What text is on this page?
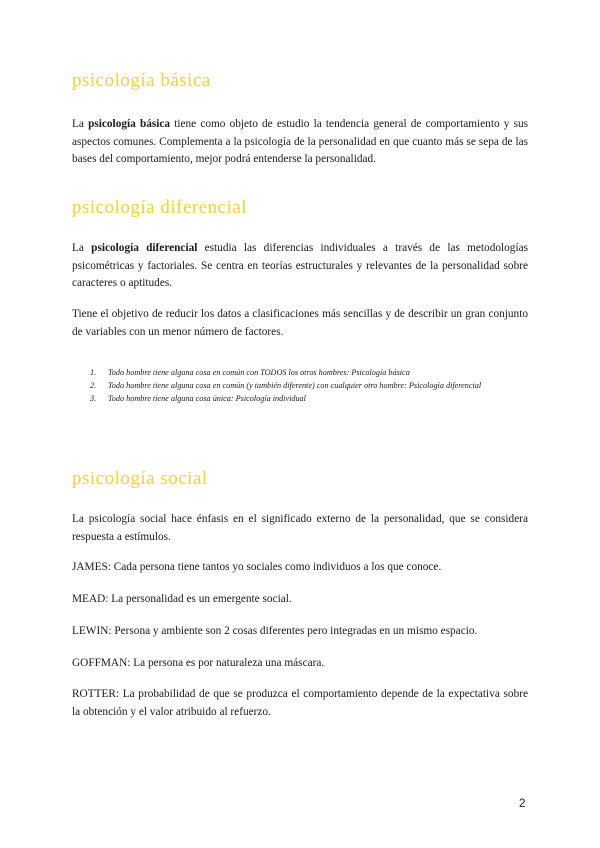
psicología básica

La psicología básica tiene como objeto de estudio la tendencia general de comportamiento y sus aspectos comunes. Complementa a la psicología de la personalidad en que cuanto más se sepa de las bases del comportamiento, mejor podrá entenderse la personalidad.

psicología diferencial

La psicología diferencial estudia las diferencias individuales a través de las metodologías psicométricas y factoriales. Se centra en teorías estructurales y relevantes de la personalidad sobre caracteres o aptitudes.

Tiene el objetivo de reducir los datos a clasificaciones más sencillas y de describir un gran conjunto de variables con un menor número de factores.

1. Todo hombre tiene alguna cosa en común con TODOS los otros hombres: Psicología básica
2. Todo hombre tiene alguna cosa en común (y también diferente) con cualquier otro hombre: Psicología diferencial
3. Todo hombre tiene alguna cosa única: Psicología individual
psicología social

La psicología social hace énfasis en el significado externo de la personalidad, que se considera respuesta a estímulos.

JAMES: Cada persona tiene tantos yo sociales como individuos a los que conoce.

MEAD: La personalidad es un emergente social.

LEWIN: Persona y ambiente son 2 cosas diferentes pero integradas en un mismo espacio.

GOFFMAN: La persona es por naturaleza una máscara.

ROTTER: La probabilidad de que se produzca el comportamiento depende de la expectativa sobre la obtención y el valor atribuido al refuerzo.

2
